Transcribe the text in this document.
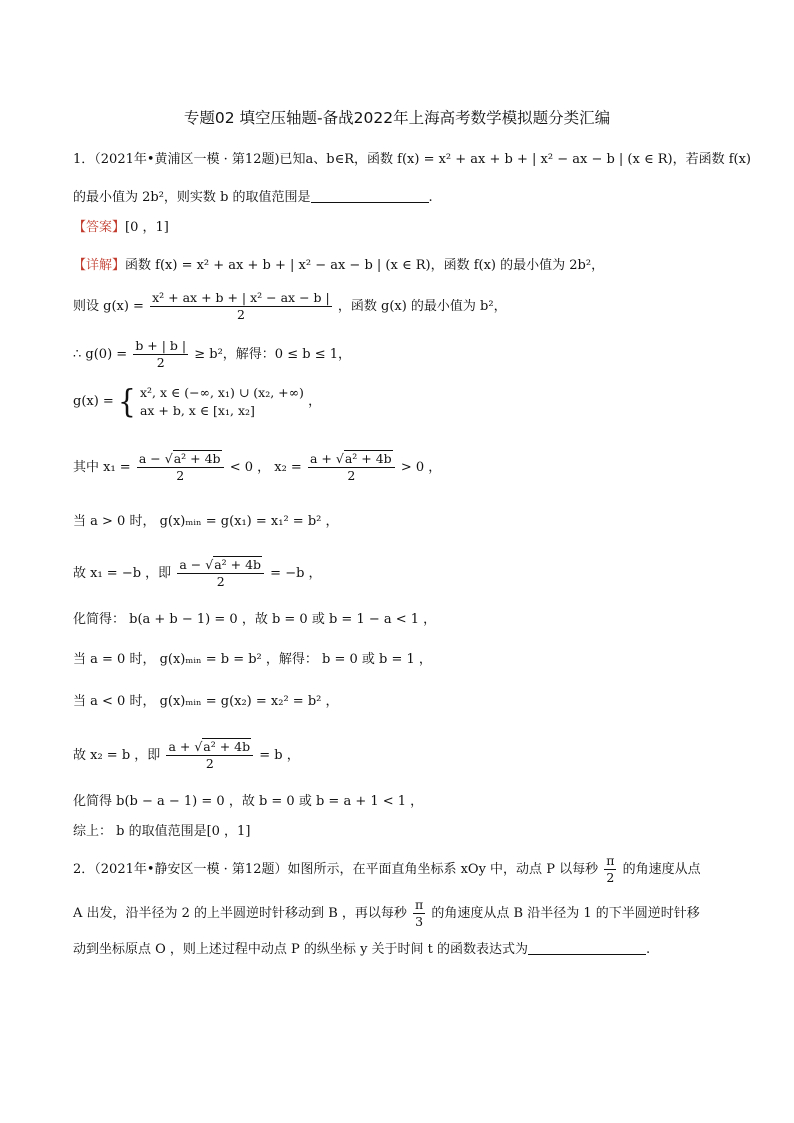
专题02 填空压轴题-备战2022年上海高考数学模拟题分类汇编
1．（2021年•黄浦区一模 · 第12题)已知a、b∈R，函数 f(x) = x² + ax + b + | x² − ax − b | (x ∈ R)，若函数 f(x)
的最小值为 2b²，则实数 b 的取值范围是	.
【答案】[0 ，1]
【详解】函数 f(x) = x² + ax + b + | x² − ax − b | (x ∈ R)，函数 f(x) 的最小值为 2b²，
则设 $g(x) = \frac{\text{x² + ax + b + | x² − ax − b |}}{2}$ ，函数 g(x) 的最小值为 b²，
∴ $g(0) = \frac{b + | b |}{2} \ge b^2$，解得：0 ≤ b ≤ 1，
g(x) = { x², x ∈ (−∞, x₁) ∪ (x₂, +∞)
ax + b, x ∈ [x₁, x₂]
，
其中 $x_1 = \frac{\text{a − √a² + 4b}}{2} < 0$ ， $x_2 = \frac{\text{a + √a² + 4b}}{2} > 0$ ，
当 a > 0 时， g(x)ₘᵢₙ = g(x₁) = x₁² = b² ，
故 x₁ = −b ，即 $\frac{\text{a − √a² + 4b}}{2} = -b$ ，
化简得： b(a + b − 1) = 0 ，故 b = 0 或 b = 1 − a < 1 ，
当 a = 0 时， g(x)ₘᵢₙ = b = b² ，解得： b = 0 或 b = 1 ，
当 a < 0 时， g(x)ₘᵢₙ = g(x₂) = x₂² = b² ，
故 x₂ = b ，即 $\frac{\text{a + √a² + 4b}}{2} = b$ ，
化简得 b(b − a − 1) = 0 ，故 b = 0 或 b = a + 1 < 1 ，
综上： b 的取值范围是[0 ，1]
2．（2021年•静安区一模 · 第12题）如图所示，在平面直角坐标系 xOy 中，动点 P 以每秒 $\frac{\pi}{2}$ 的角速度从点
A 出发，沿半径为 2 的上半圆逆时针移动到 B ，再以每秒 $\frac{\pi}{3}$ 的角速度从点 B 沿半径为 1 的下半圆逆时针移
动到坐标原点 O ，则上述过程中动点 P 的纵坐标 y 关于时间 t 的函数表达式为	.
